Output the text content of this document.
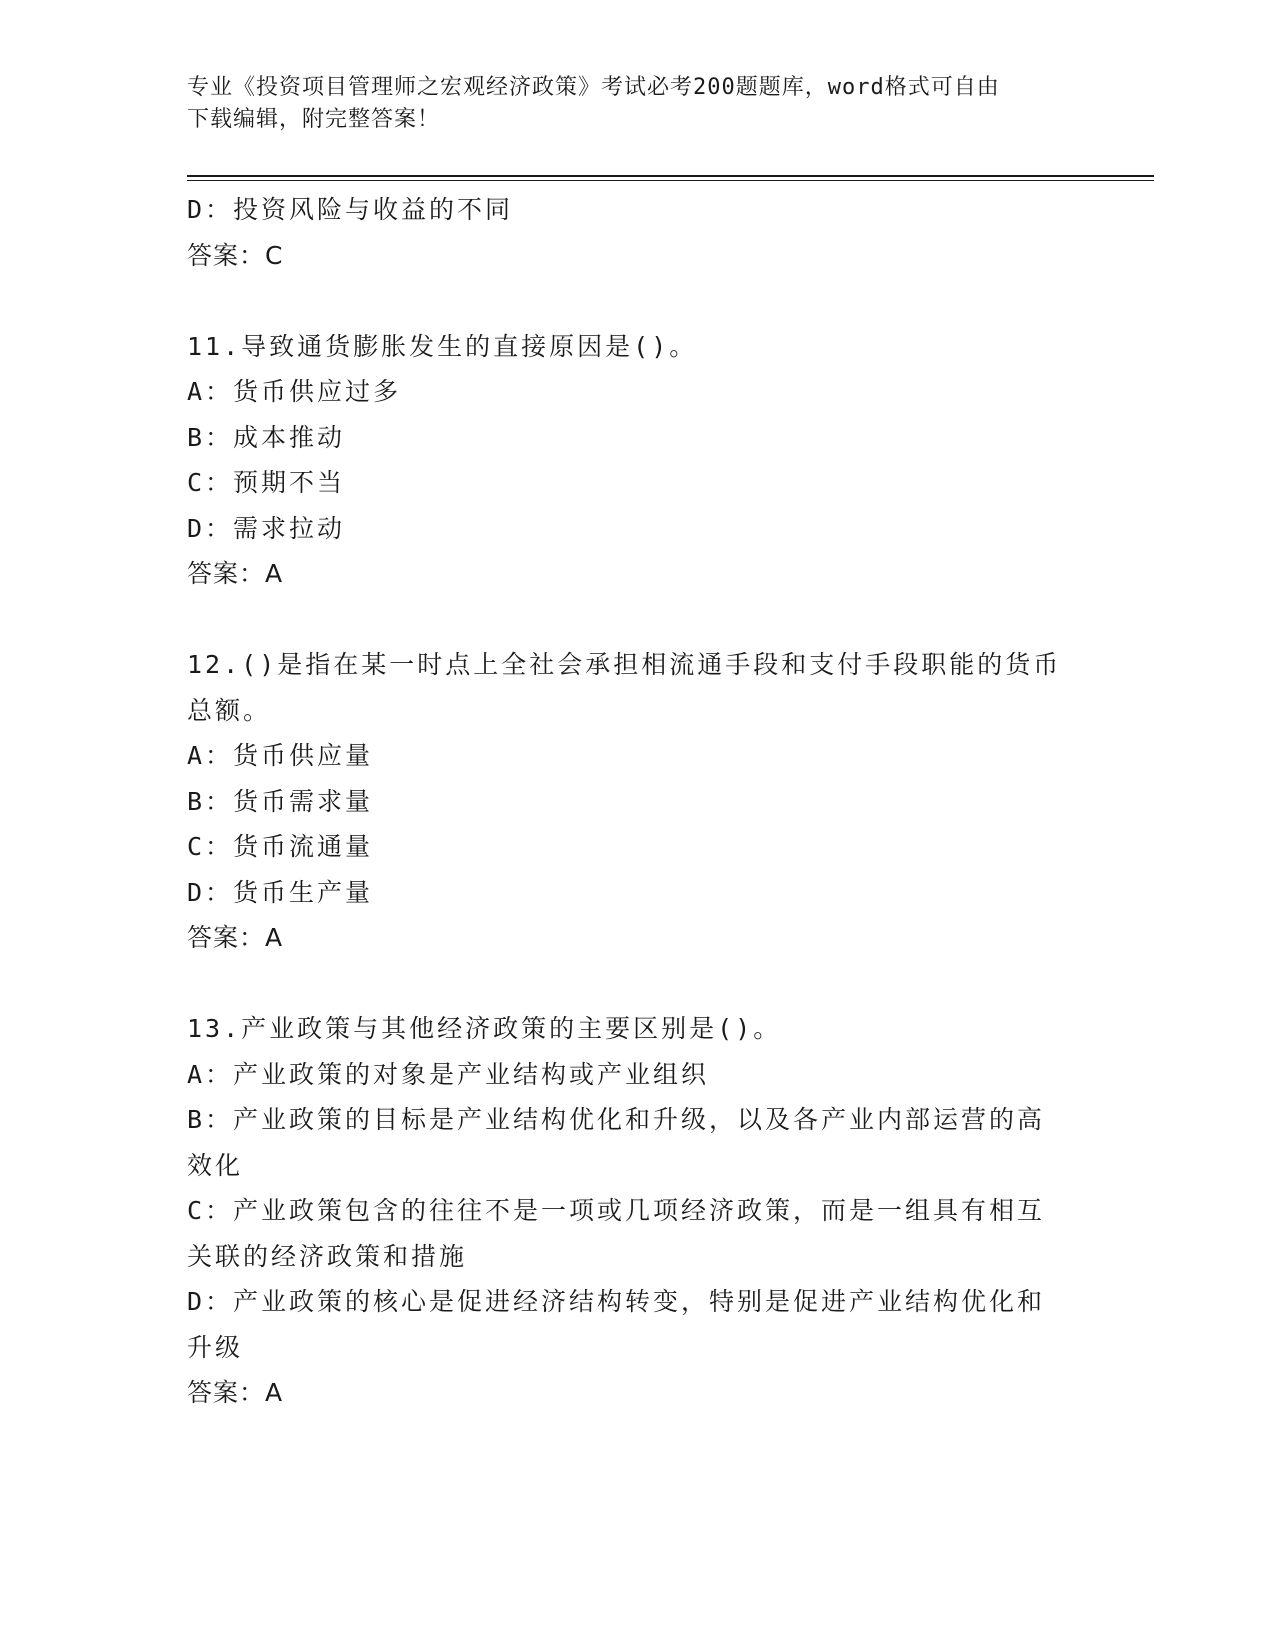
专业《投资项目管理师之宏观经济政策》考试必考200题题库，word格式可自由
下载编辑，附完整答案！
D：投资风险与收益的不同
答案：C
11.导致通货膨胀发生的直接原因是()。
A：货币供应过多
B：成本推动
C：预期不当
D：需求拉动
答案：A
12.()是指在某一时点上全社会承担相流通手段和支付手段职能的货币总额。
A：货币供应量
B：货币需求量
C：货币流通量
D：货币生产量
答案：A
13.产业政策与其他经济政策的主要区别是()。
A：产业政策的对象是产业结构或产业组织
B：产业政策的目标是产业结构优化和升级，以及各产业内部运营的高效化
C：产业政策包含的往往不是一项或几项经济政策，而是一组具有相互关联的经济政策和措施
D：产业政策的核心是促进经济结构转变，特别是促进产业结构优化和升级
答案：A
